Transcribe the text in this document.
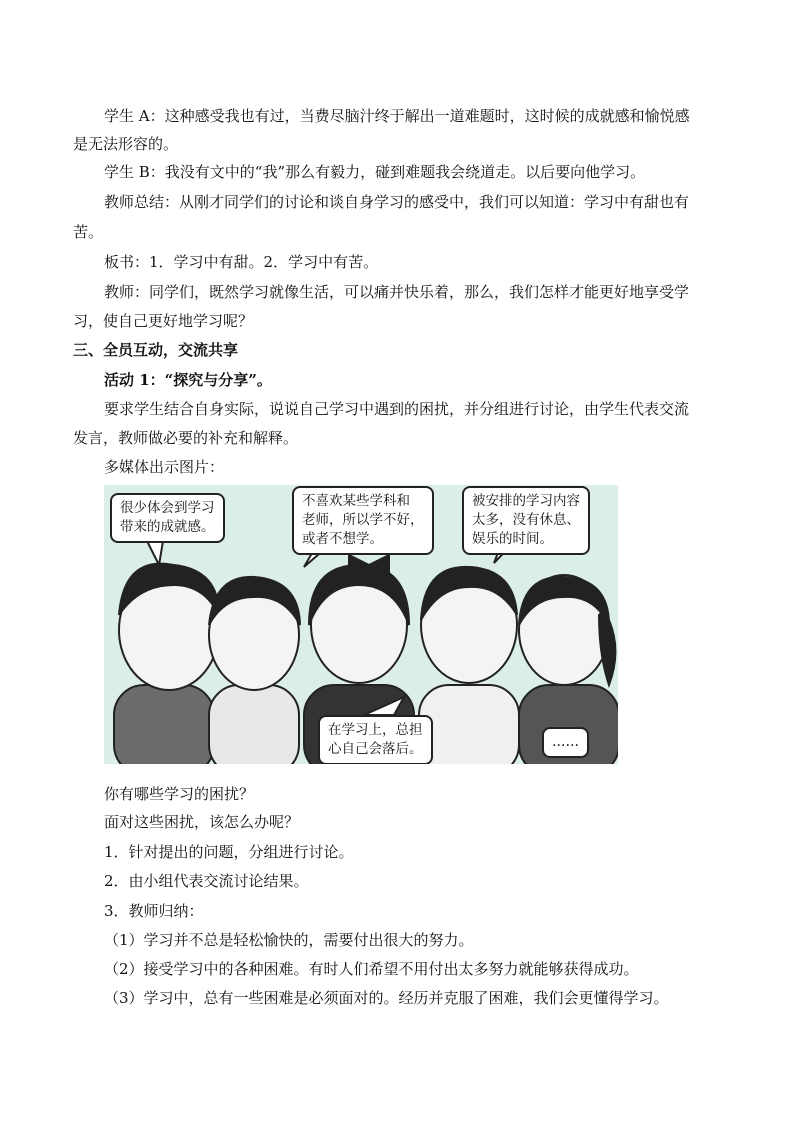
学生 A：这种感受我也有过，当费尽脑汁终于解出一道难题时，这时候的成就感和愉悦感
是无法形容的。
学生 B：我没有文中的“我”那么有毅力，碰到难题我会绕道走。以后要向他学习。
教师总结：从刚才同学们的讨论和谈自身学习的感受中，我们可以知道：学习中有甜也有
苦。
板书：1．学习中有甜。2．学习中有苦。
教师：同学们，既然学习就像生活，可以痛并快乐着，那么，我们怎样才能更好地享受学
习，使自己更好地学习呢？
三、全员互动，交流共享
活动 1：“探究与分享”。
要求学生结合自身实际，说说自己学习中遇到的困扰，并分组进行讨论，由学生代表交流
发言，教师做必要的补充和解释。
多媒体出示图片：
很少体会到学习
带来的成就感。
不喜欢某些学科和
老师，所以学不好，
或者不想学。
被安排的学习内容
太多，没有休息、
娱乐的时间。
在学习上，总担
心自己会落后。	……
你有哪些学习的困扰？
面对这些困扰，该怎么办呢？
1．针对提出的问题，分组进行讨论。
2．由小组代表交流讨论结果。
3．教师归纳：
（1）学习并不总是轻松愉快的，需要付出很大的努力。
（2）接受学习中的各种困难。有时人们希望不用付出太多努力就能够获得成功。
（3）学习中，总有一些困难是必须面对的。经历并克服了困难，我们会更懂得学习。
